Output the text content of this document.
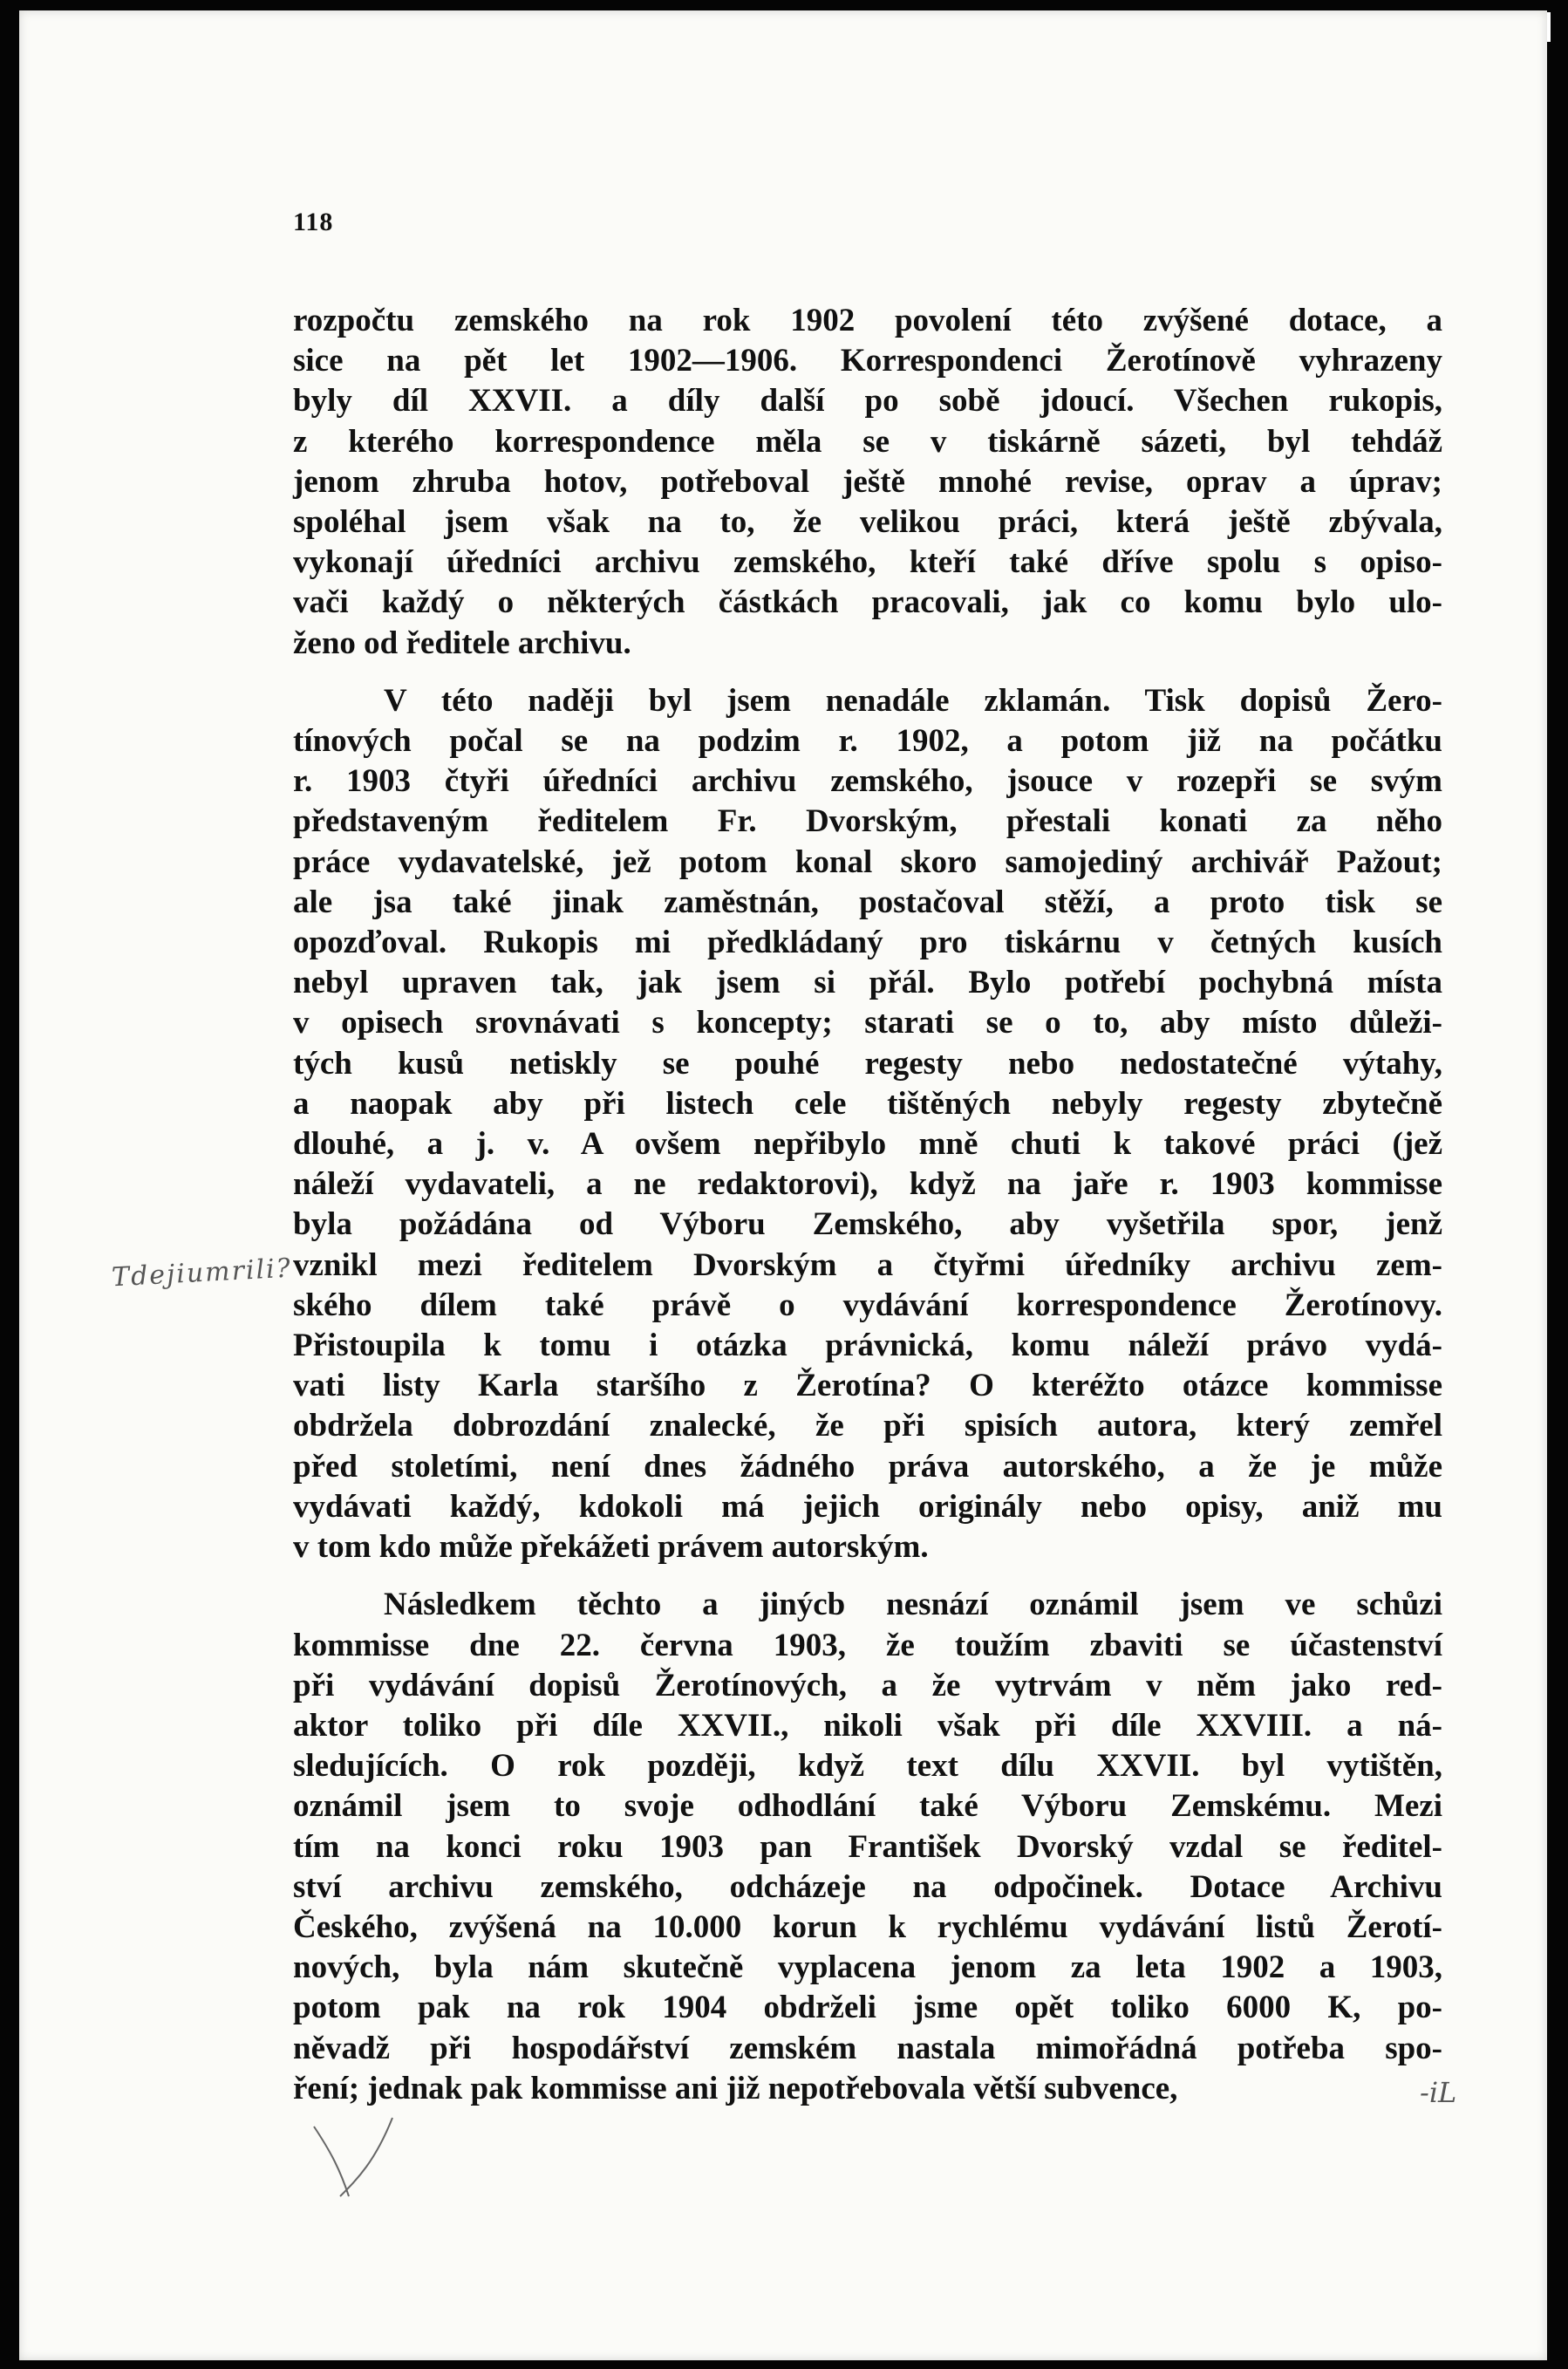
118
rozpočtu zemského na rok 1902 povolení této zvýšené dotace, a
sice na pět let 1902—1906. Korrespondenci Žerotínově vyhrazeny
byly díl XXVII. a díly další po sobě jdoucí. Všechen rukopis,
z kterého korrespondence měla se v tiskárně sázeti, byl tehdáž
jenom zhruba hotov, potřeboval ještě mnohé revise, oprav a úprav;
spoléhal jsem však na to, že velikou práci, která ještě zbývala,
vykonají úředníci archivu zemského, kteří také dříve spolu s opiso-
vači každý o některých částkách pracovali, jak co komu bylo ulo-
ženo od ředitele archivu.
V této naději byl jsem nenadále zklamán. Tisk dopisů Žero-
tínových počal se na podzim r. 1902, a potom již na počátku
r. 1903 čtyři úředníci archivu zemského, jsouce v rozepři se svým
představeným ředitelem Fr. Dvorským, přestali konati za něho
práce vydavatelské, jež potom konal skoro samojediný archivář Pažout;
ale jsa také jinak zaměstnán, postačoval stěží, a proto tisk se
opozďoval. Rukopis mi předkládaný pro tiskárnu v četných kusích
nebyl upraven tak, jak jsem si přál. Bylo potřebí pochybná místa
v opisech srovnávati s koncepty; starati se o to, aby místo důleži-
tých kusů netiskly se pouhé regesty nebo nedostatečné výtahy,
a naopak aby při listech cele tištěných nebyly regesty zbytečně
dlouhé, a j. v. A ovšem nepřibylo mně chuti k takové práci (jež
náleží vydavateli, a ne redaktorovi), když na jaře r. 1903 kommisse
byla požádána od Výboru Zemského, aby vyšetřila spor, jenž
vznikl mezi ředitelem Dvorským a čtyřmi úředníky archivu zem-
ského dílem také právě o vydávání korrespondence Žerotínovy.
Přistoupila k tomu i otázka právnická, komu náleží právo vydá-
vati listy Karla staršího z Žerotína? O kteréžto otázce kommisse
obdržela dobrozdání znalecké, že při spisích autora, který zemřel
před stoletími, není dnes žádného práva autorského, a že je může
vydávati každý, kdokoli má jejich originály nebo opisy, aniž mu
v tom kdo může překážeti právem autorským.
Následkem těchto a jinýcb nesnází oznámil jsem ve schůzi
kommisse dne 22. června 1903, že toužím zbaviti se účastenství
při vydávání dopisů Žerotínových, a že vytrvám v něm jako red-
aktor toliko při díle XXVII., nikoli však při díle XXVIII. a ná-
sledujících. O rok později, když text dílu XXVII. byl vytištěn,
oznámil jsem to svoje odhodlání také Výboru Zemskému. Mezi
tím na konci roku 1903 pan František Dvorský vzdal se ředitel-
ství archivu zemského, odcházeje na odpočinek. Dotace Archivu
Českého, zvýšená na 10.000 korun k rychlému vydávání listů Žerotí-
nových, byla nám skutečně vyplacena jenom za leta 1902 a 1903,
potom pak na rok 1904 obdrželi jsme opět toliko 6000 K, po-
něvadž při hospodářství zemském nastala mimořádná potřeba spo-
ření; jednak pak kommisse ani již nepotřebovala větší subvence,
Tdejiumrili?
‐iL
